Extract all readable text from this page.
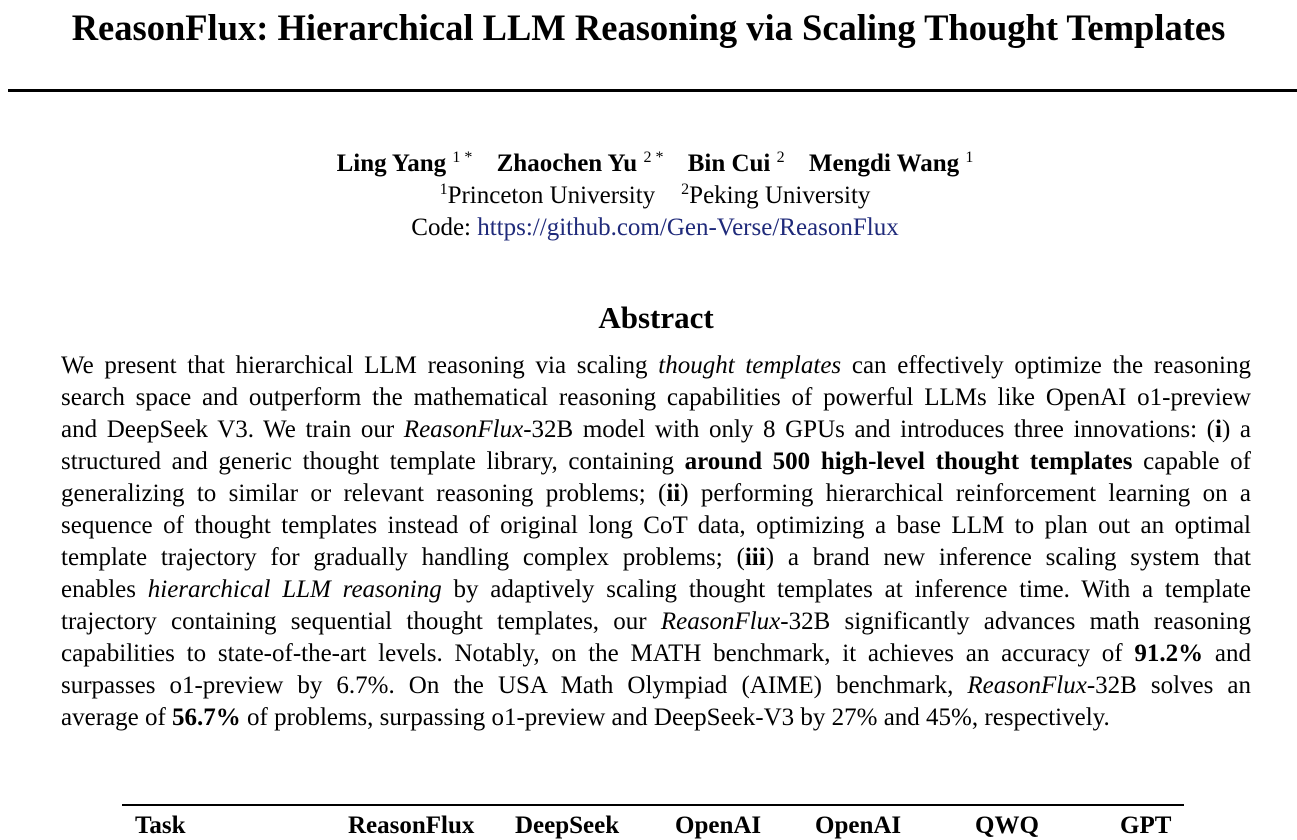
ReasonFlux: Hierarchical LLM Reasoning via Scaling Thought Templates
Ling Yang $^{1 *}$ Zhaochen Yu $^{2 *}$ Bin Cui $^2$ Mengdi Wang $^1$
$^1$Princeton University $^2$Peking University
Code: https://github.com/Gen-Verse/ReasonFlux
Abstract
We present that hierarchical LLM reasoning via scaling thought templates can effectively optimize the reasoning
search space and outperform the mathematical reasoning capabilities of powerful LLMs like OpenAI o1-preview
and DeepSeek V3. We train our ReasonFlux-32B model with only 8 GPUs and introduces three innovations: (i) a
structured and generic thought template library, containing around 500 high-level thought templates capable of
generalizing to similar or relevant reasoning problems; (ii) performing hierarchical reinforcement learning on a
sequence of thought templates instead of original long CoT data, optimizing a base LLM to plan out an optimal
template trajectory for gradually handling complex problems; (iii) a brand new inference scaling system that
enables hierarchical LLM reasoning by adaptively scaling thought templates at inference time. With a template
trajectory containing sequential thought templates, our ReasonFlux-32B significantly advances math reasoning
capabilities to state-of-the-art levels. Notably, on the MATH benchmark, it achieves an accuracy of 91.2% and
surpasses o1-preview by 6.7%. On the USA Math Olympiad (AIME) benchmark, ReasonFlux-32B solves an
average of 56.7% of problems, surpassing o1-preview and DeepSeek-V3 by 27% and 45%, respectively.
Task	ReasonFlux DeepSeek OpenAI OpenAI	QWQ	GPT
